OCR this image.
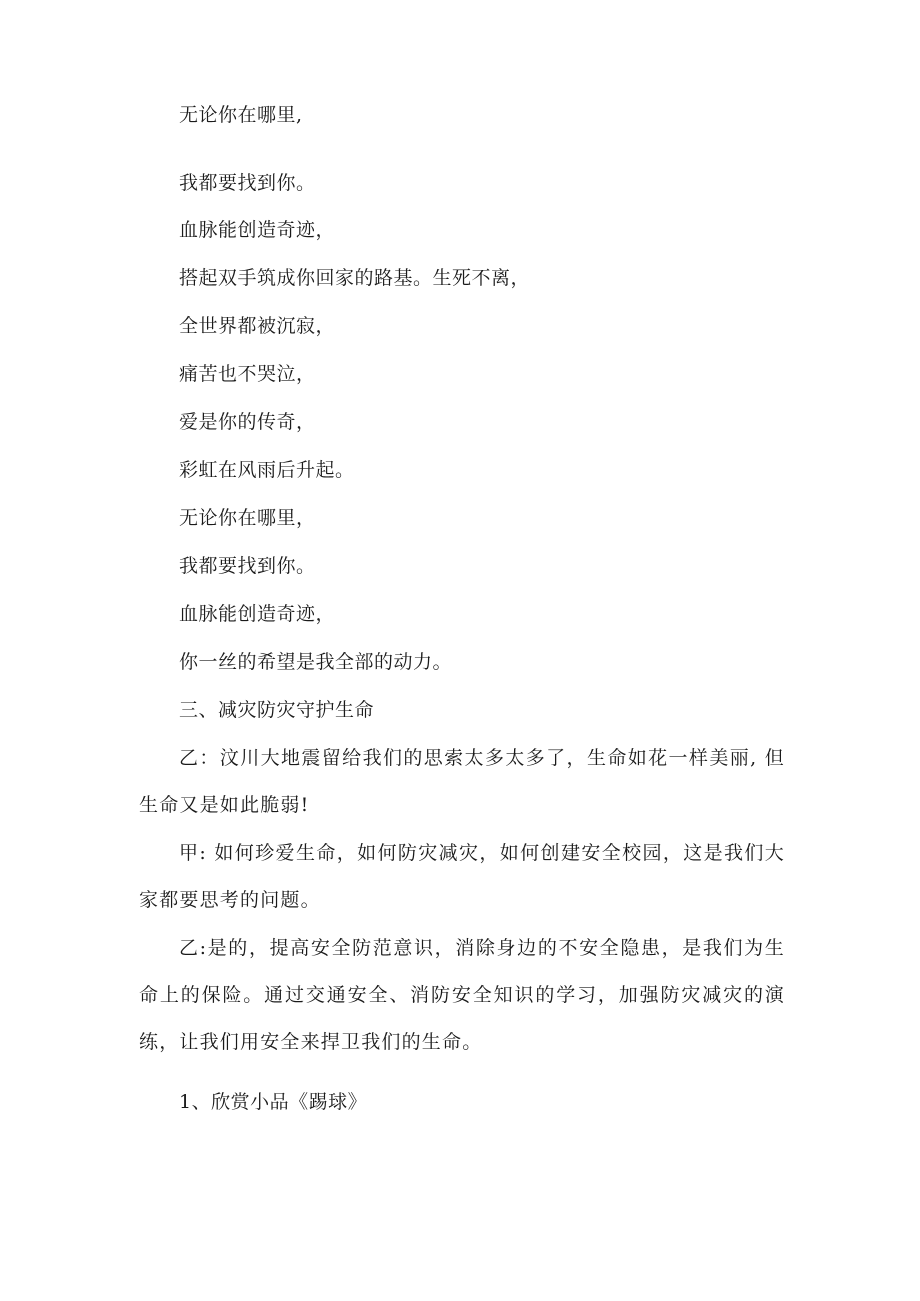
无论你在哪里,
我都要找到你。
血脉能创造奇迹，
搭起双手筑成你回家的路基。生死不离，
全世界都被沉寂，
痛苦也不哭泣，
爱是你的传奇，
彩虹在风雨后升起。
无论你在哪里，
我都要找到你。
血脉能创造奇迹，
你一丝的希望是我全部的动力。
三、减灾防灾守护生命
乙：汶川大地震留给我们的思索太多太多了，生命如花一样美丽, 但生命又是如此脆弱!
甲: 如何珍爱生命，如何防灾减灾，如何创建安全校园，这是我们大家都要思考的问题。
乙:是的，提高安全防范意识，消除身边的不安全隐患，是我们为生命上的保险。通过交通安全、消防安全知识的学习，加强防灾减灾的演练，让我们用安全来捍卫我们的生命。
1、欣赏小品《踢球》
